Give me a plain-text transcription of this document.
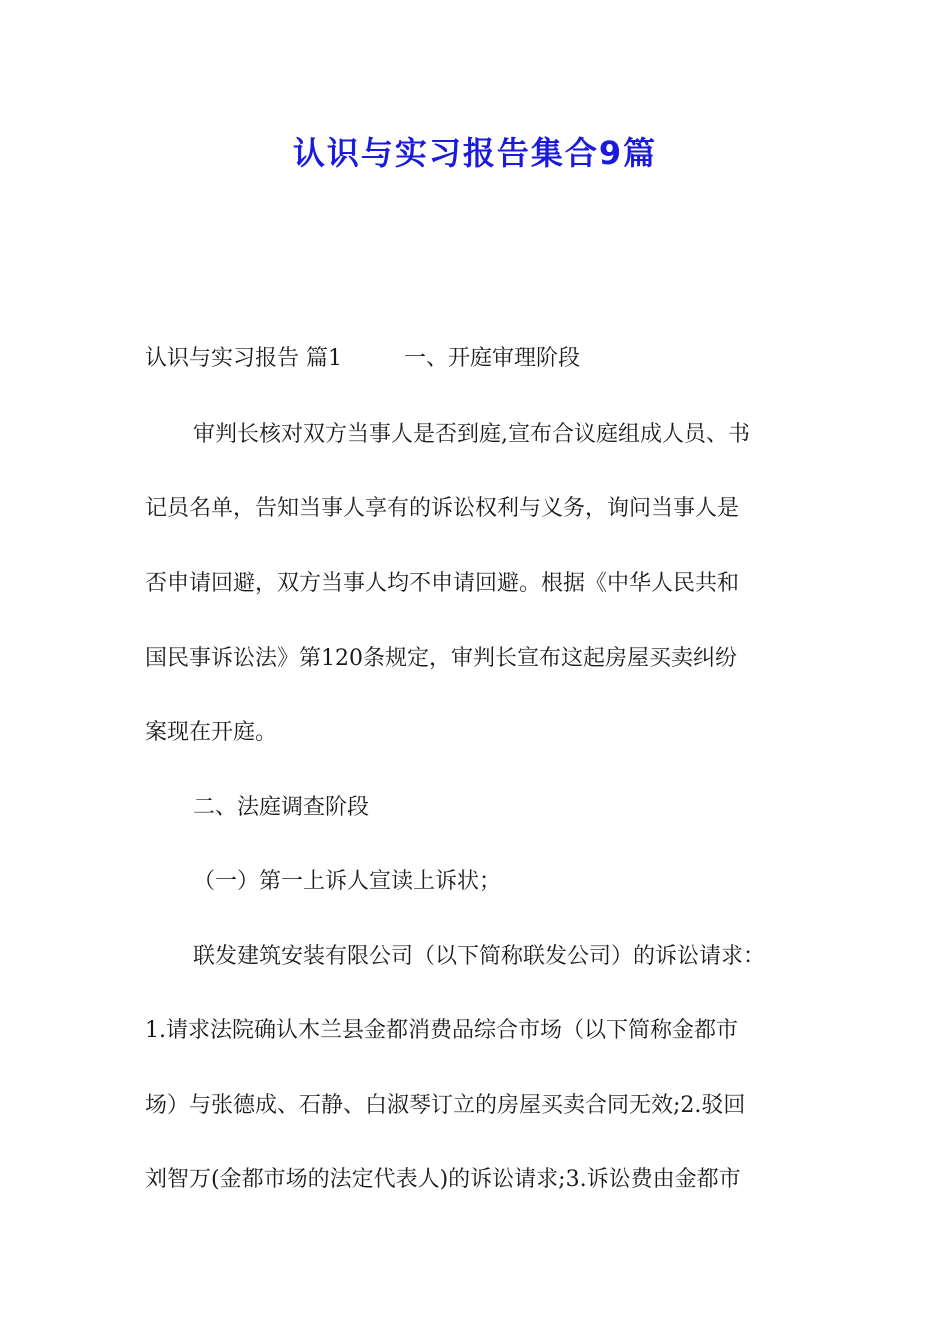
认识与实习报告集合9篇
认识与实习报告 篇1	一、开庭审理阶段
审判长核对双方当事人是否到庭,宣布合议庭组成人员、书
记员名单，告知当事人享有的诉讼权利与义务，询问当事人是
否申请回避，双方当事人均不申请回避。根据《中华人民共和
国民事诉讼法》第120条规定，审判长宣布这起房屋买卖纠纷
案现在开庭。
二、法庭调查阶段
（一）第一上诉人宣读上诉状；
联发建筑安装有限公司（以下简称联发公司）的诉讼请求：
1.请求法院确认木兰县金都消费品综合市场（以下简称金都市
场）与张德成、石静、白淑琴订立的房屋买卖合同无效;2.驳回
刘智万(金都市场的法定代表人)的诉讼请求;3.诉讼费由金都市
